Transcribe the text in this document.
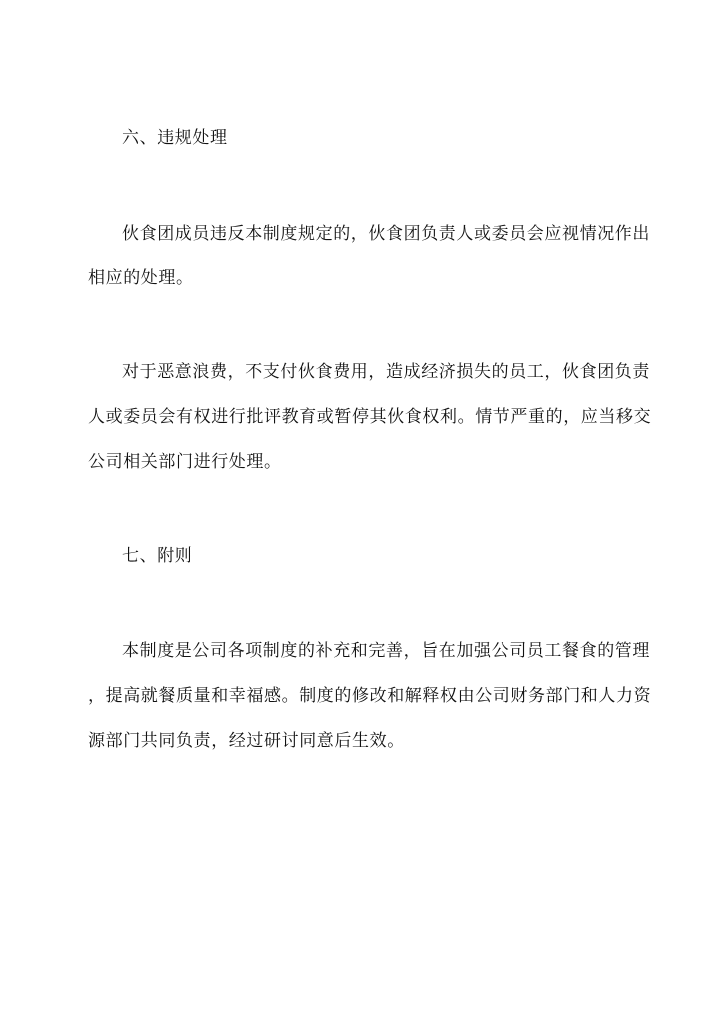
六、违规处理
伙食团成员违反本制度规定的，伙食团负责人或委员会应视情况作出
相应的处理。
对于恶意浪费，不支付伙食费用，造成经济损失的员工，伙食团负责
人或委员会有权进行批评教育或暂停其伙食权利。情节严重的，应当移交
公司相关部门进行处理。
七、附则
本制度是公司各项制度的补充和完善，旨在加强公司员工餐食的管理
，提高就餐质量和幸福感。制度的修改和解释权由公司财务部门和人力资
源部门共同负责，经过研讨同意后生效。
